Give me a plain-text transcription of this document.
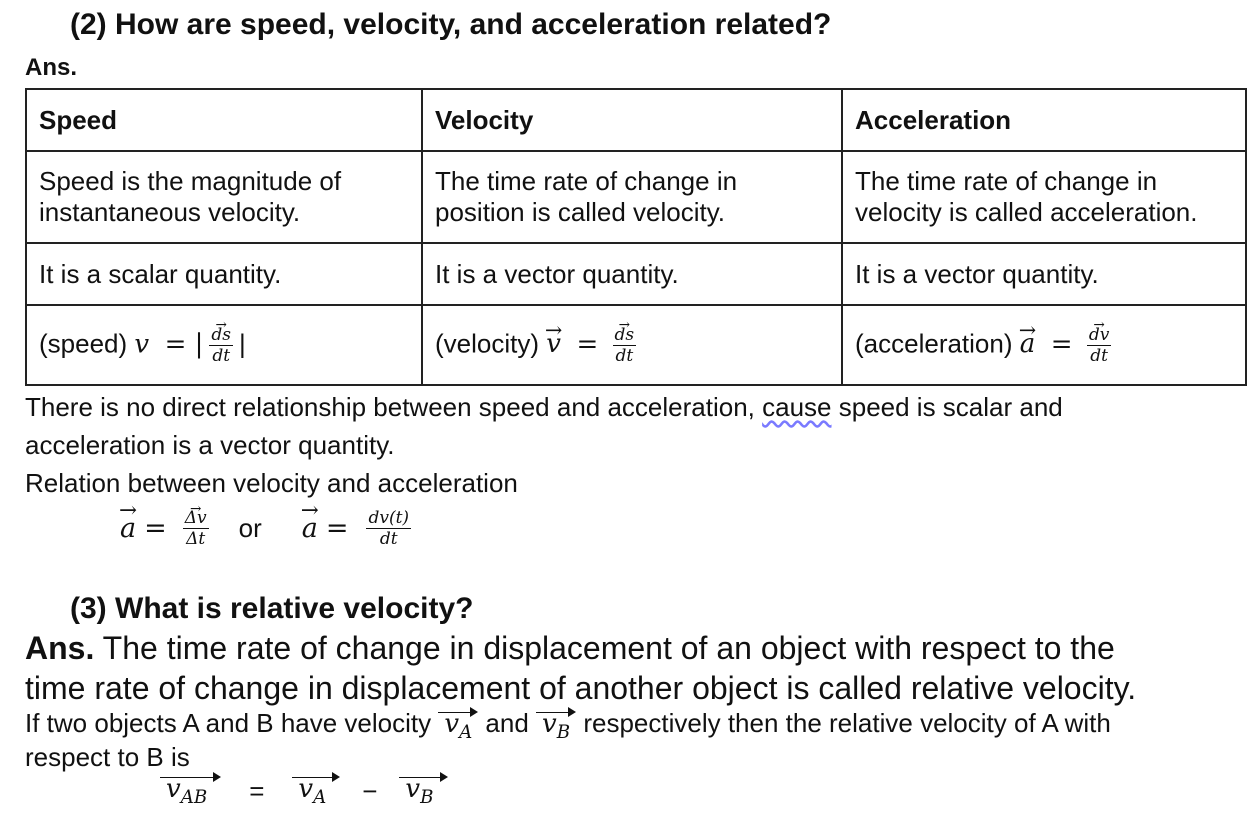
(2) How are speed, velocity, and acceleration related?
Ans.
Speed	Velocity	Acceleration
Speed is the magnitude of instantaneous velocity.	The time rate of change in position is called velocity.	The time rate of change in velocity is called acceleration.
It is a scalar quantity.	It is a vector quantity.	It is a vector quantity.
(speed) v  = | $\frac{ds \to}{dt}$ |	(velocity) v →  = $\frac{ds \to}{dt}$	(acceleration) a →  = $\frac{dv \to}{dt}$
There is no direct relationship between speed and acceleration, cause speed is scalar and
acceleration is a vector quantity.
Relation between velocity and acceleration
a → = $\frac{\Delta v \to}{\Delta t}$ or a → = $\frac{dv(t)}{dt}$
(3) What is relative velocity?
Ans. The time rate of change in displacement of an object with respect to the
time rate of change in displacement of another object is called relative velocity.
If two objects A and B have velocity $v_A$ and $v_B$ respectively then the relative velocity of A with
respect to B is
$v_{AB}$	= $v_A$	− $v_B$
